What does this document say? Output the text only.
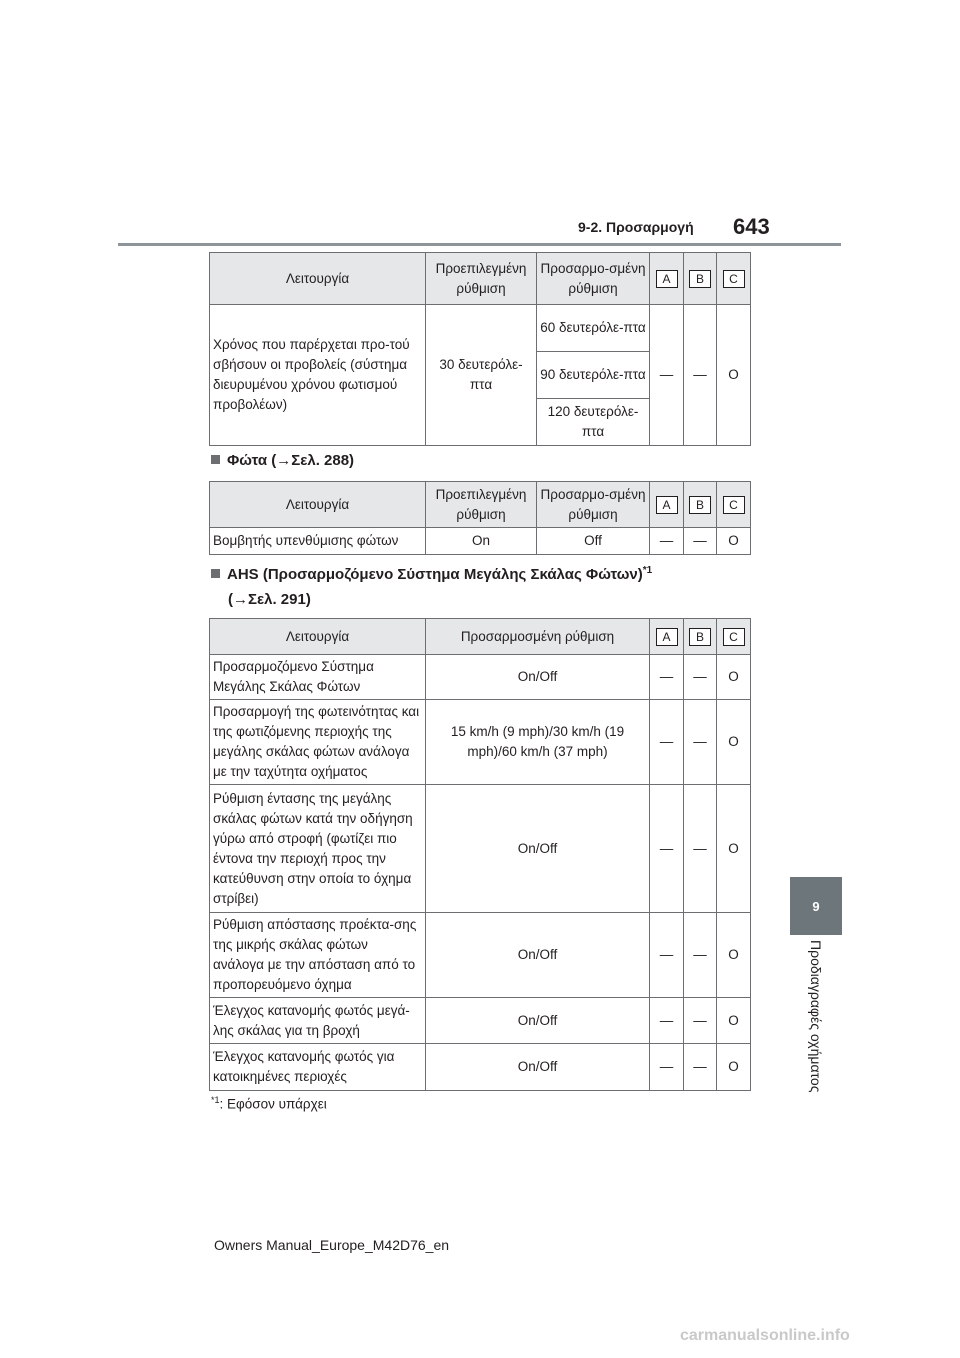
9-2. Προσαρμογή 643
9
Προδιαγραφές οχήματος
Λειτουργία	Προεπιλεγμένη ρύθμιση	Προσαρμο-σμένη ρύθμιση	A	B	C
Χρόνος που παρέρχεται προ-τού σβήσουν οι προβολείς (σύστημα διευρυμένου χρόνου φωτισμού προβολέων)	30 δευτερόλε-πτα	60 δευτερόλε-πτα	—	—	O
		90 δευτερόλε-πτα			
		120 δευτερόλε-πτα			
Φώτα (→Σελ. 288)
Λειτουργία	Προεπιλεγμένη ρύθμιση	Προσαρμο-σμένη ρύθμιση	A	B	C
Βομβητής υπενθύμισης φώτων	On	Off	—	—	O
AHS (Προσαρμοζόμενο Σύστημα Μεγάλης Σκάλας Φώτων)$^{*1}$
(→Σελ. 291)
Λειτουργία	Προσαρμοσμένη ρύθμιση	A	B	C
Προσαρμοζόμενο Σύστημα Μεγάλης Σκάλας Φώτων	On/Off	—	—	O
Προσαρμογή της φωτεινότητας και της φωτιζόμενης περιοχής της μεγάλης σκάλας φώτων ανάλογα με την ταχύτητα οχήματος	15 km/h (9 mph)/30 km/h (19 mph)/60 km/h (37 mph)	—	—	O
Ρύθμιση έντασης της μεγάλης σκάλας φώτων κατά την οδήγηση γύρω από στροφή (φωτίζει πιο έντονα την περιοχή προς την κατεύθυνση στην οποία το όχημα στρίβει)	On/Off	—	—	O
Ρύθμιση απόστασης προέκτα-σης της μικρής σκάλας φώτων ανάλογα με την απόσταση από το προπορευόμενο όχημα	On/Off	—	—	O
Έλεγχος κατανομής φωτός μεγά-λης σκάλας για τη βροχή	On/Off	—	—	O
Έλεγχος κατανομής φωτός για κατοικημένες περιοχές	On/Off	—	—	O
$^{*1}$: Εφόσον υπάρχει
Owners Manual_Europe_M42D76_en
carmanualsonline.info
